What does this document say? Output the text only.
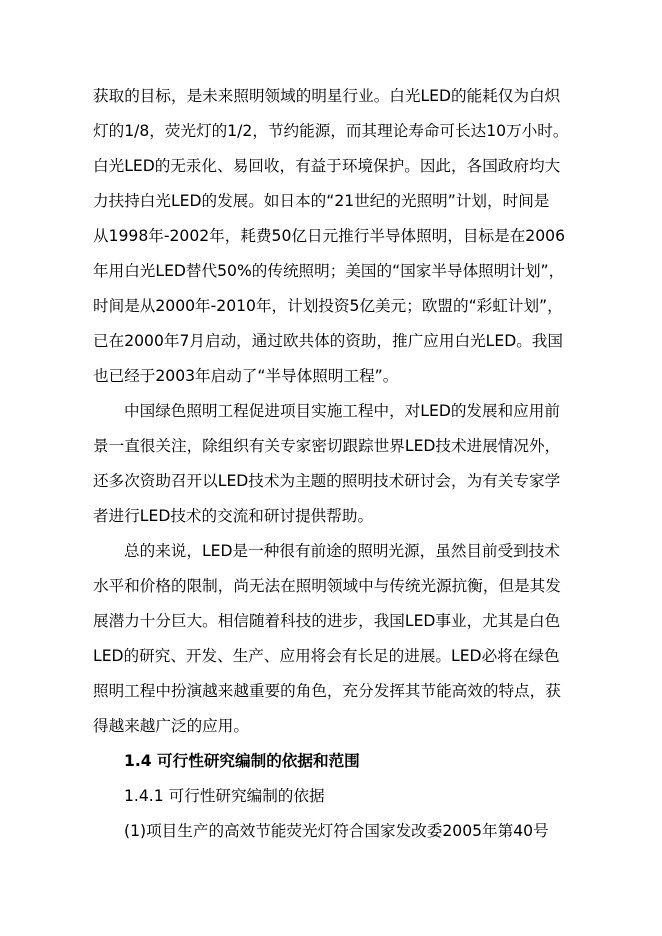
获取的目标，是未来照明领域的明星行业。白光LED的能耗仅为白炽
灯的1/8，荧光灯的1/2，节约能源，而其理论寿命可长达10万小时。
白光LED的无汞化、易回收，有益于环境保护。因此，各国政府均大
力扶持白光LED的发展。如日本的“21世纪的光照明”计划，时间是
从1998年-2002年，耗费50亿日元推行半导体照明，目标是在2006
年用白光LED替代50%的传统照明；美国的“国家半导体照明计划”，
时间是从2000年-2010年，计划投资5亿美元；欧盟的“彩虹计划”，
已在2000年7月启动，通过欧共体的资助，推广应用白光LED。我国
也已经于2003年启动了“半导体照明工程”。
中国绿色照明工程促进项目实施工程中，对LED的发展和应用前
景一直很关注，除组织有关专家密切跟踪世界LED技术进展情况外，
还多次资助召开以LED技术为主题的照明技术研讨会，为有关专家学
者进行LED技术的交流和研讨提供帮助。
总的来说，LED是一种很有前途的照明光源，虽然目前受到技术
水平和价格的限制，尚无法在照明领域中与传统光源抗衡，但是其发
展潜力十分巨大。相信随着科技的进步，我国LED事业，尤其是白色
LED的研究、开发、生产、应用将会有长足的进展。LED必将在绿色
照明工程中扮演越来越重要的角色，充分发挥其节能高效的特点，获
得越来越广泛的应用。
1.4 可行性研究编制的依据和范围
1.4.1 可行性研究编制的依据
(1)项目生产的高效节能荧光灯符合国家发改委2005年第40号
